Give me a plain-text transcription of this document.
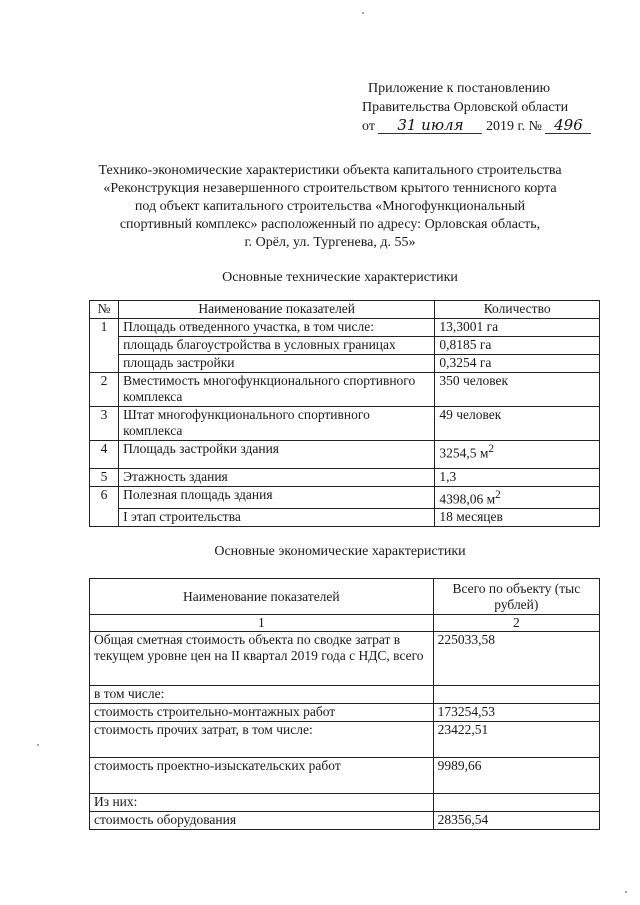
Приложение к постановлению
Правительства Орловской области
от 31 июля 2019 г. № 496
Технико-экономические характеристики объекта капитального строительства
«Реконструкция незавершенного строительством крытого теннисного корта
под объект капитального строительства «Многофункциональный
спортивный комплекс» расположенный по адресу: Орловская область,
г. Орёл, ул. Тургенева, д. 55»
Основные технические характеристики
№	Наименование показателей	Количество
1	Площадь отведенного участка, в том числе:	13,3001 га
	площадь благоустройства в условных границах	0,8185 га
	площадь застройки	0,3254 га
2	Вместимость многофункционального спортивного комплекса	350 человек
3	Штат многофункционального спортивного комплекса	49 человек
4	Площадь застройки здания	3254,5 $м^2$
5	Этажность здания	1,3
6	Полезная площадь здания	4398,06 $м^2$
	I этап строительства	18 месяцев
Основные экономические характеристики
Наименование показателей	Всего по объекту (тыс рублей)
1	2
Общая сметная стоимость объекта по сводке затрат в текущем уровне цен на II квартал 2019 года с НДС, всего	225033,58
в том числе:	
стоимость строительно-монтажных работ	173254,53
стоимость прочих затрат, в том числе:	23422,51
стоимость проектно-изыскательских работ	9989,66
Из них:	
стоимость оборудования	28356,54
